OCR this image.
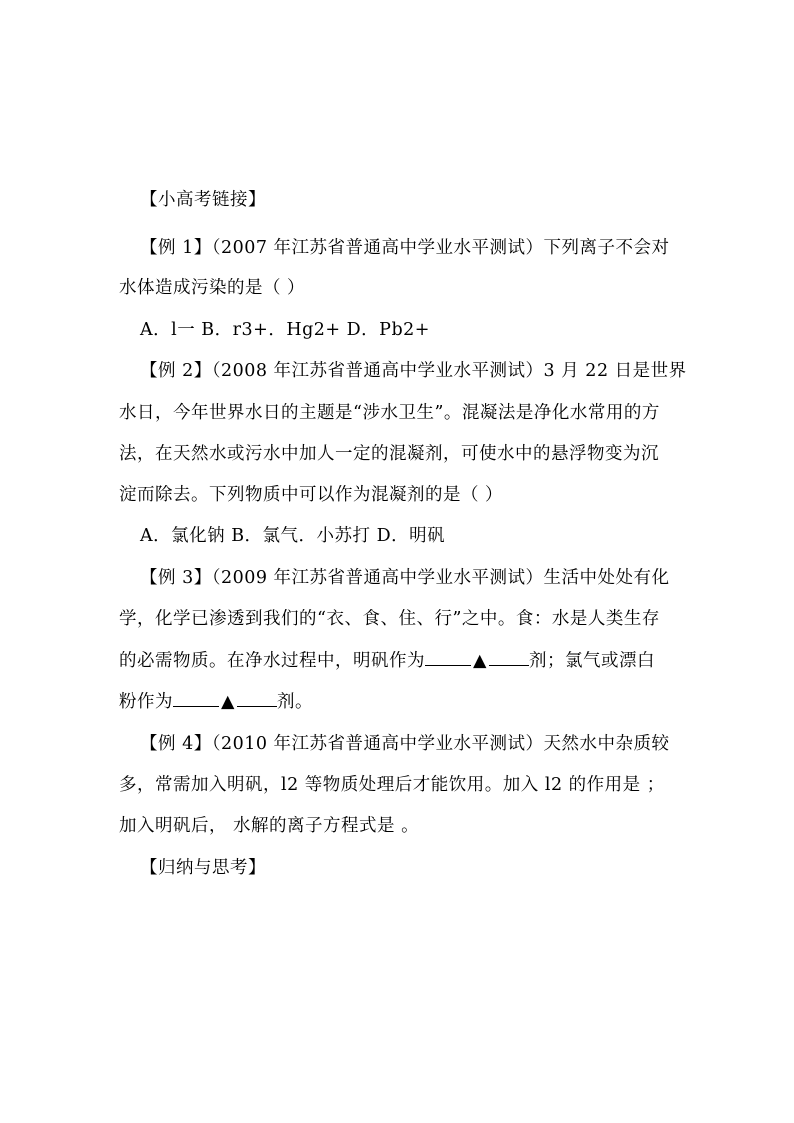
【小高考链接】
【例 1】（2007 年江苏省普通高中学业水平测试）下列离子不会对
水体造成污染的是（ ）
A．l一 B．r3+．Hg2+ D．Pb2+
【例 2】（2008 年江苏省普通高中学业水平测试）3 月 22 日是世界
水日，今年世界水日的主题是“涉水卫生”。混凝法是净化水常用的方
法，在天然水或污水中加人一定的混凝剂，可使水中的悬浮物变为沉
淀而除去。下列物质中可以作为混凝剂的是（ ）
A．氯化钠 B．氯气．小苏打 D．明矾
【例 3】（2009 年江苏省普通高中学业水平测试）生活中处处有化
学，化学已渗透到我们的“衣、食、住、行”之中。食：水是人类生存
的必需物质。在净水过程中，明矾作为	▲ 剂；氯气或漂白
粉作为	▲ 剂。
【例 4】（2010 年江苏省普通高中学业水平测试）天然水中杂质较
多，常需加入明矾，l2 等物质处理后才能饮用。加入 l2 的作用是 ；
加入明矾后， 水解的离子方程式是 。
【归纳与思考】
